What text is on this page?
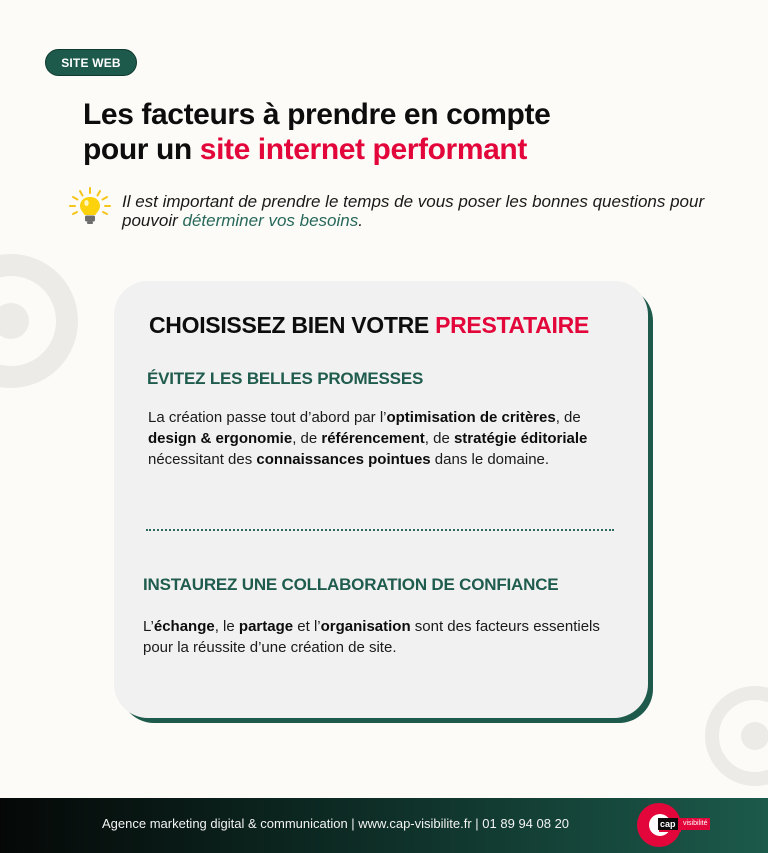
SITE WEB
Les facteurs à prendre en compte
pour un site internet performant

Il est important de prendre le temps de vous poser les bonnes questions pour pouvoir déterminer vos besoins.

CHOISISSEZ BIEN VOTRE PRESTATAIRE
ÉVITEZ LES BELLES PROMESSES

La création passe tout d’abord par l’optimisation de critères, de design & ergonomie, de référencement, de stratégie éditoriale nécessitant des connaissances pointues dans le domaine.

INSTAUREZ UNE COLLABORATION DE CONFIANCE

L’échange, le partage et l’organisation sont des facteurs essentiels pour la réussite d’une création de site.

Agence marketing digital & communication | www.cap-visibilite.fr | 01 89 94 08 20	cap visibilité
